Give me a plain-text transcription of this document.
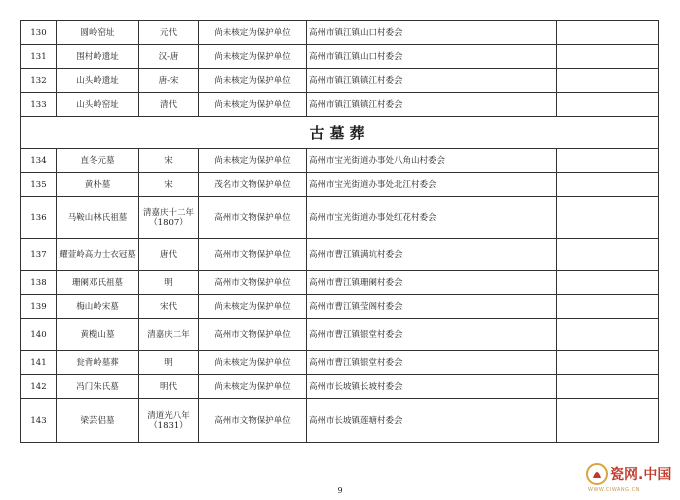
130	圆岭窑址	元代	尚未核定为保护单位	高州市镇江镇山口村委会	
131	围村岭遗址	汉-唐	尚未核定为保护单位	高州市镇江镇山口村委会	
132	山头岭遗址	唐-宋	尚未核定为保护单位	高州市镇江镇镇江村委会	
133	山头岭窑址	清代	尚未核定为保护单位	高州市镇江镇镇江村委会	
古墓葬					
134	直冬元墓	宋	尚未核定为保护单位	高州市宝光街道办事处八角山村委会	
135	黄朴墓	宋	茂名市文物保护单位	高州市宝光街道办事处北江村委会	
136	马鞍山林氏祖墓	清嘉庆十二年（1807）	高州市文物保护单位	高州市宝光街道办事处红花村委会	
137	耀萱岭高力士衣冠墓	唐代	高州市文物保护单位	高州市曹江镇满坑村委会	
138	珊阑邓氏祖墓	明	高州市文物保护单位	高州市曹江镇珊阑村委会	
139	梅山岭宋墓	宋代	尚未核定为保护单位	高州市曹江镇莹阁村委会	
140	黄榄山墓	清嘉庆二年	高州市文物保护单位	高州市曹江镇银堂村委会	
141	瓮背岭墓葬	明	尚未核定为保护单位	高州市曹江镇银堂村委会	
142	冯门朱氏墓	明代	尚未核定为保护单位	高州市长坡镇长坡村委会	
143	梁芸侣墓	清道光八年（1831）	高州市文物保护单位	高州市长坡镇莲塘村委会	
9
瓷网.中国
WWW.CIWANG.CN
